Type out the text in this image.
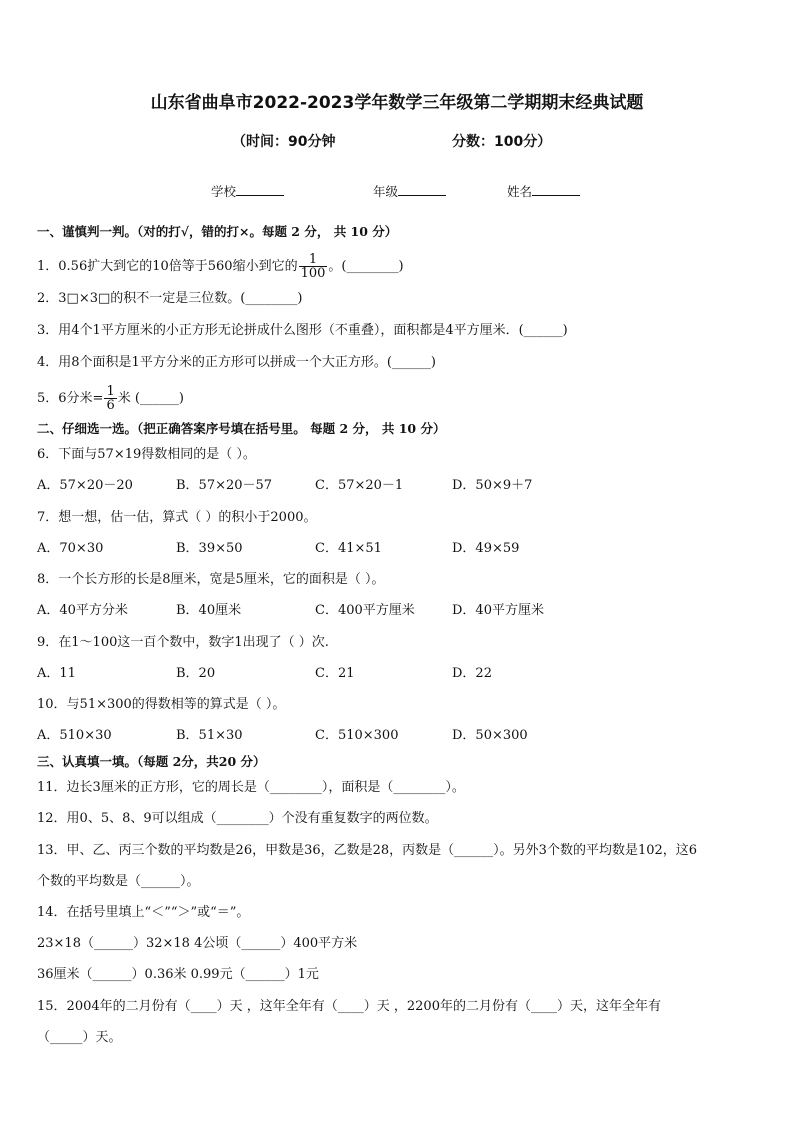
山东省曲阜市2022-2023学年数学三年级第二学期期末经典试题
（时间：90分钟	分数：100分）
学校	年级	姓名
一、谨慎判一判。（对的打√，错的打×。每题 2 分， 共 10 分）
1．0.56扩大到它的10倍等于560缩小到它的 $\frac{1}{100}$ 。(________)
2．3□×3□的积不一定是三位数。(________)
3．用4个1平方厘米的小正方形无论拼成什么图形（不重叠），面积都是4平方厘米．(______)
4．用8个面积是1平方分米的正方形可以拼成一个大正方形。(______)
5．6分米= $\frac{1}{6}$ 米 (______)
二、仔细选一选。（把正确答案序号填在括号里。 每题 2 分， 共 10 分）
6．下面与57×19得数相同的是（ ）。
A．57×20－20	B．57×20－57	C．57×20－1	D．50×9＋7
7．想一想，估一估，算式（ ）的积小于2000。
A．70×30	B．39×50	C．41×51	D．49×59
8．一个长方形的长是8厘米，宽是5厘米，它的面积是（ ）。
A．40平方分米	B．40厘米	C．400平方厘米	D．40平方厘米
9．在1～100这一百个数中，数字1出现了（ ）次.
A．11	B．20	C．21	D．22
10．与51×300的得数相等的算式是（ ）。
A．510×30	B．51×30	C．510×300	D．50×300
三、认真填一填。（每题 2分，共20 分）
11．边长3厘米的正方形，它的周长是（________），面积是（________）。
12．用0、5、8、9可以组成（________）个没有重复数字的两位数。
13．甲、乙、丙三个数的平均数是26，甲数是36，乙数是28，丙数是（______）。另外3个数的平均数是102，这6
个数的平均数是（______）。
14．在括号里填上“＜”“＞”或“＝”。
23×18（______）32×18 4公顷（______）400平方米
36厘米（______）0.36米 0.99元（______）1元
15．2004年的二月份有（____）天 ，这年全年有（____）天 ，2200年的二月份有（____）天，这年全年有
（_____）天。
